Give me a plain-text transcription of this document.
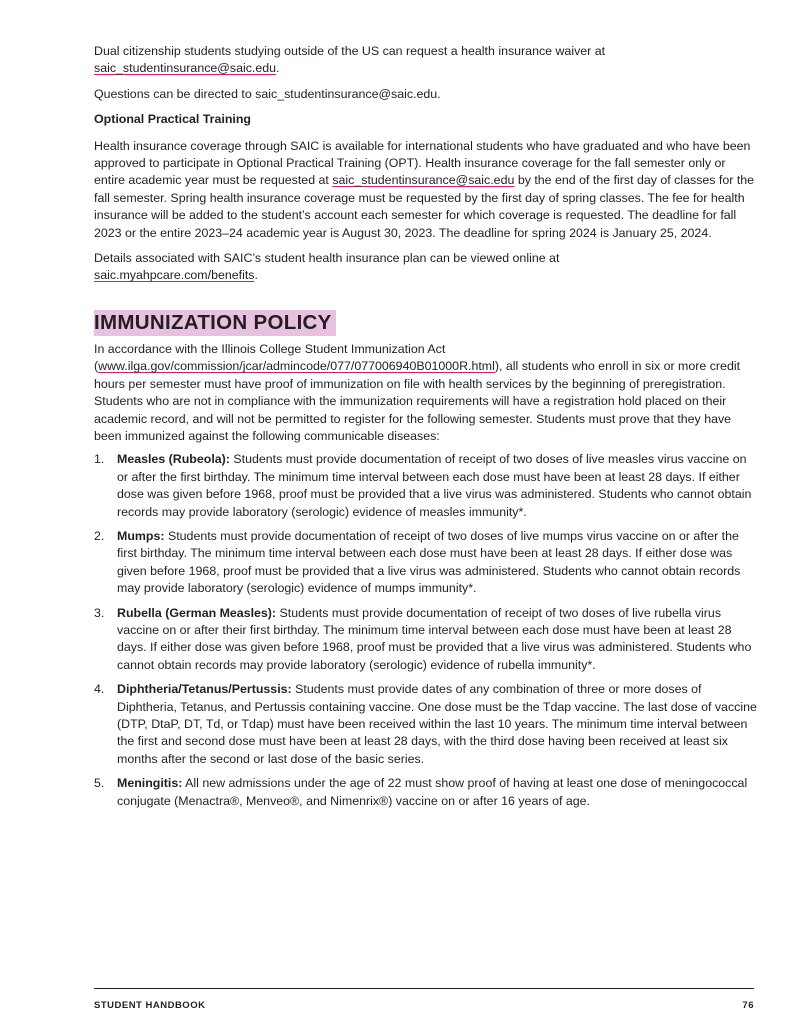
Dual citizenship students studying outside of the US can request a health insurance waiver at
saic_studentinsurance@saic.edu.

Questions can be directed to saic_studentinsurance@saic.edu.

Optional Practical Training

Health insurance coverage through SAIC is available for international students who have graduated and who have been approved to participate in Optional Practical Training (OPT). Health insurance coverage for the fall semester only or entire academic year must be requested at saic_studentinsurance@saic.edu by the end of the first day of classes for the fall semester. Spring health insurance coverage must be requested by the first day of spring classes. The fee for health insurance will be added to the student’s account each semester for which coverage is requested. The deadline for fall 2023 or the entire 2023–24 academic year is August 30, 2023. The deadline for spring 2024 is January 25, 2024.

Details associated with SAIC’s student health insurance plan can be viewed online at
saic.myahpcare.com/benefits.

IMMUNIZATION POLICY

In accordance with the Illinois College Student Immunization Act (www.ilga.gov/commission/jcar/admincode/077/077006940B01000R.html), all students who enroll in six or more credit hours per semester must have proof of immunization on file with health services by the beginning of preregistration. Students who are not in compliance with the immunization requirements will have a registration hold placed on their academic record, and will not be permitted to register for the following semester. Students must prove that they have been immunized against the following communicable diseases:

1. Measles (Rubeola): Students must provide documentation of receipt of two doses of live measles virus vaccine on or after the first birthday. The minimum time interval between each dose must have been at least 28 days. If either dose was given before 1968, proof must be provided that a live virus was administered. Students who cannot obtain records may provide laboratory (serologic) evidence of measles immunity*.
2. Mumps: Students must provide documentation of receipt of two doses of live mumps virus vaccine on or after the first birthday. The minimum time interval between each dose must have been at least 28 days. If either dose was given before 1968, proof must be provided that a live virus was administered. Students who cannot obtain records may provide laboratory (serologic) evidence of mumps immunity*.
3. Rubella (German Measles): Students must provide documentation of receipt of two doses of live rubella virus vaccine on or after their first birthday. The minimum time interval between each dose must have been at least 28 days. If either dose was given before 1968, proof must be provided that a live virus was administered. Students who cannot obtain records may provide laboratory (serologic) evidence of rubella immunity*.
4. Diphtheria/Tetanus/Pertussis: Students must provide dates of any combination of three or more doses of Diphtheria, Tetanus, and Pertussis containing vaccine. One dose must be the Tdap vaccine. The last dose of vaccine (DTP, DtaP, DT, Td, or Tdap) must have been received within the last 10 years. The minimum time interval between the first and second dose must have been at least 28 days, with the third dose having been received at least six months after the second or last dose of the basic series.
5. Meningitis: All new admissions under the age of 22 must show proof of having at least one dose of meningococcal conjugate (Menactra®, Menveo®, and Nimenrix®) vaccine on or after 16 years of age.
STUDENT HANDBOOK	76
